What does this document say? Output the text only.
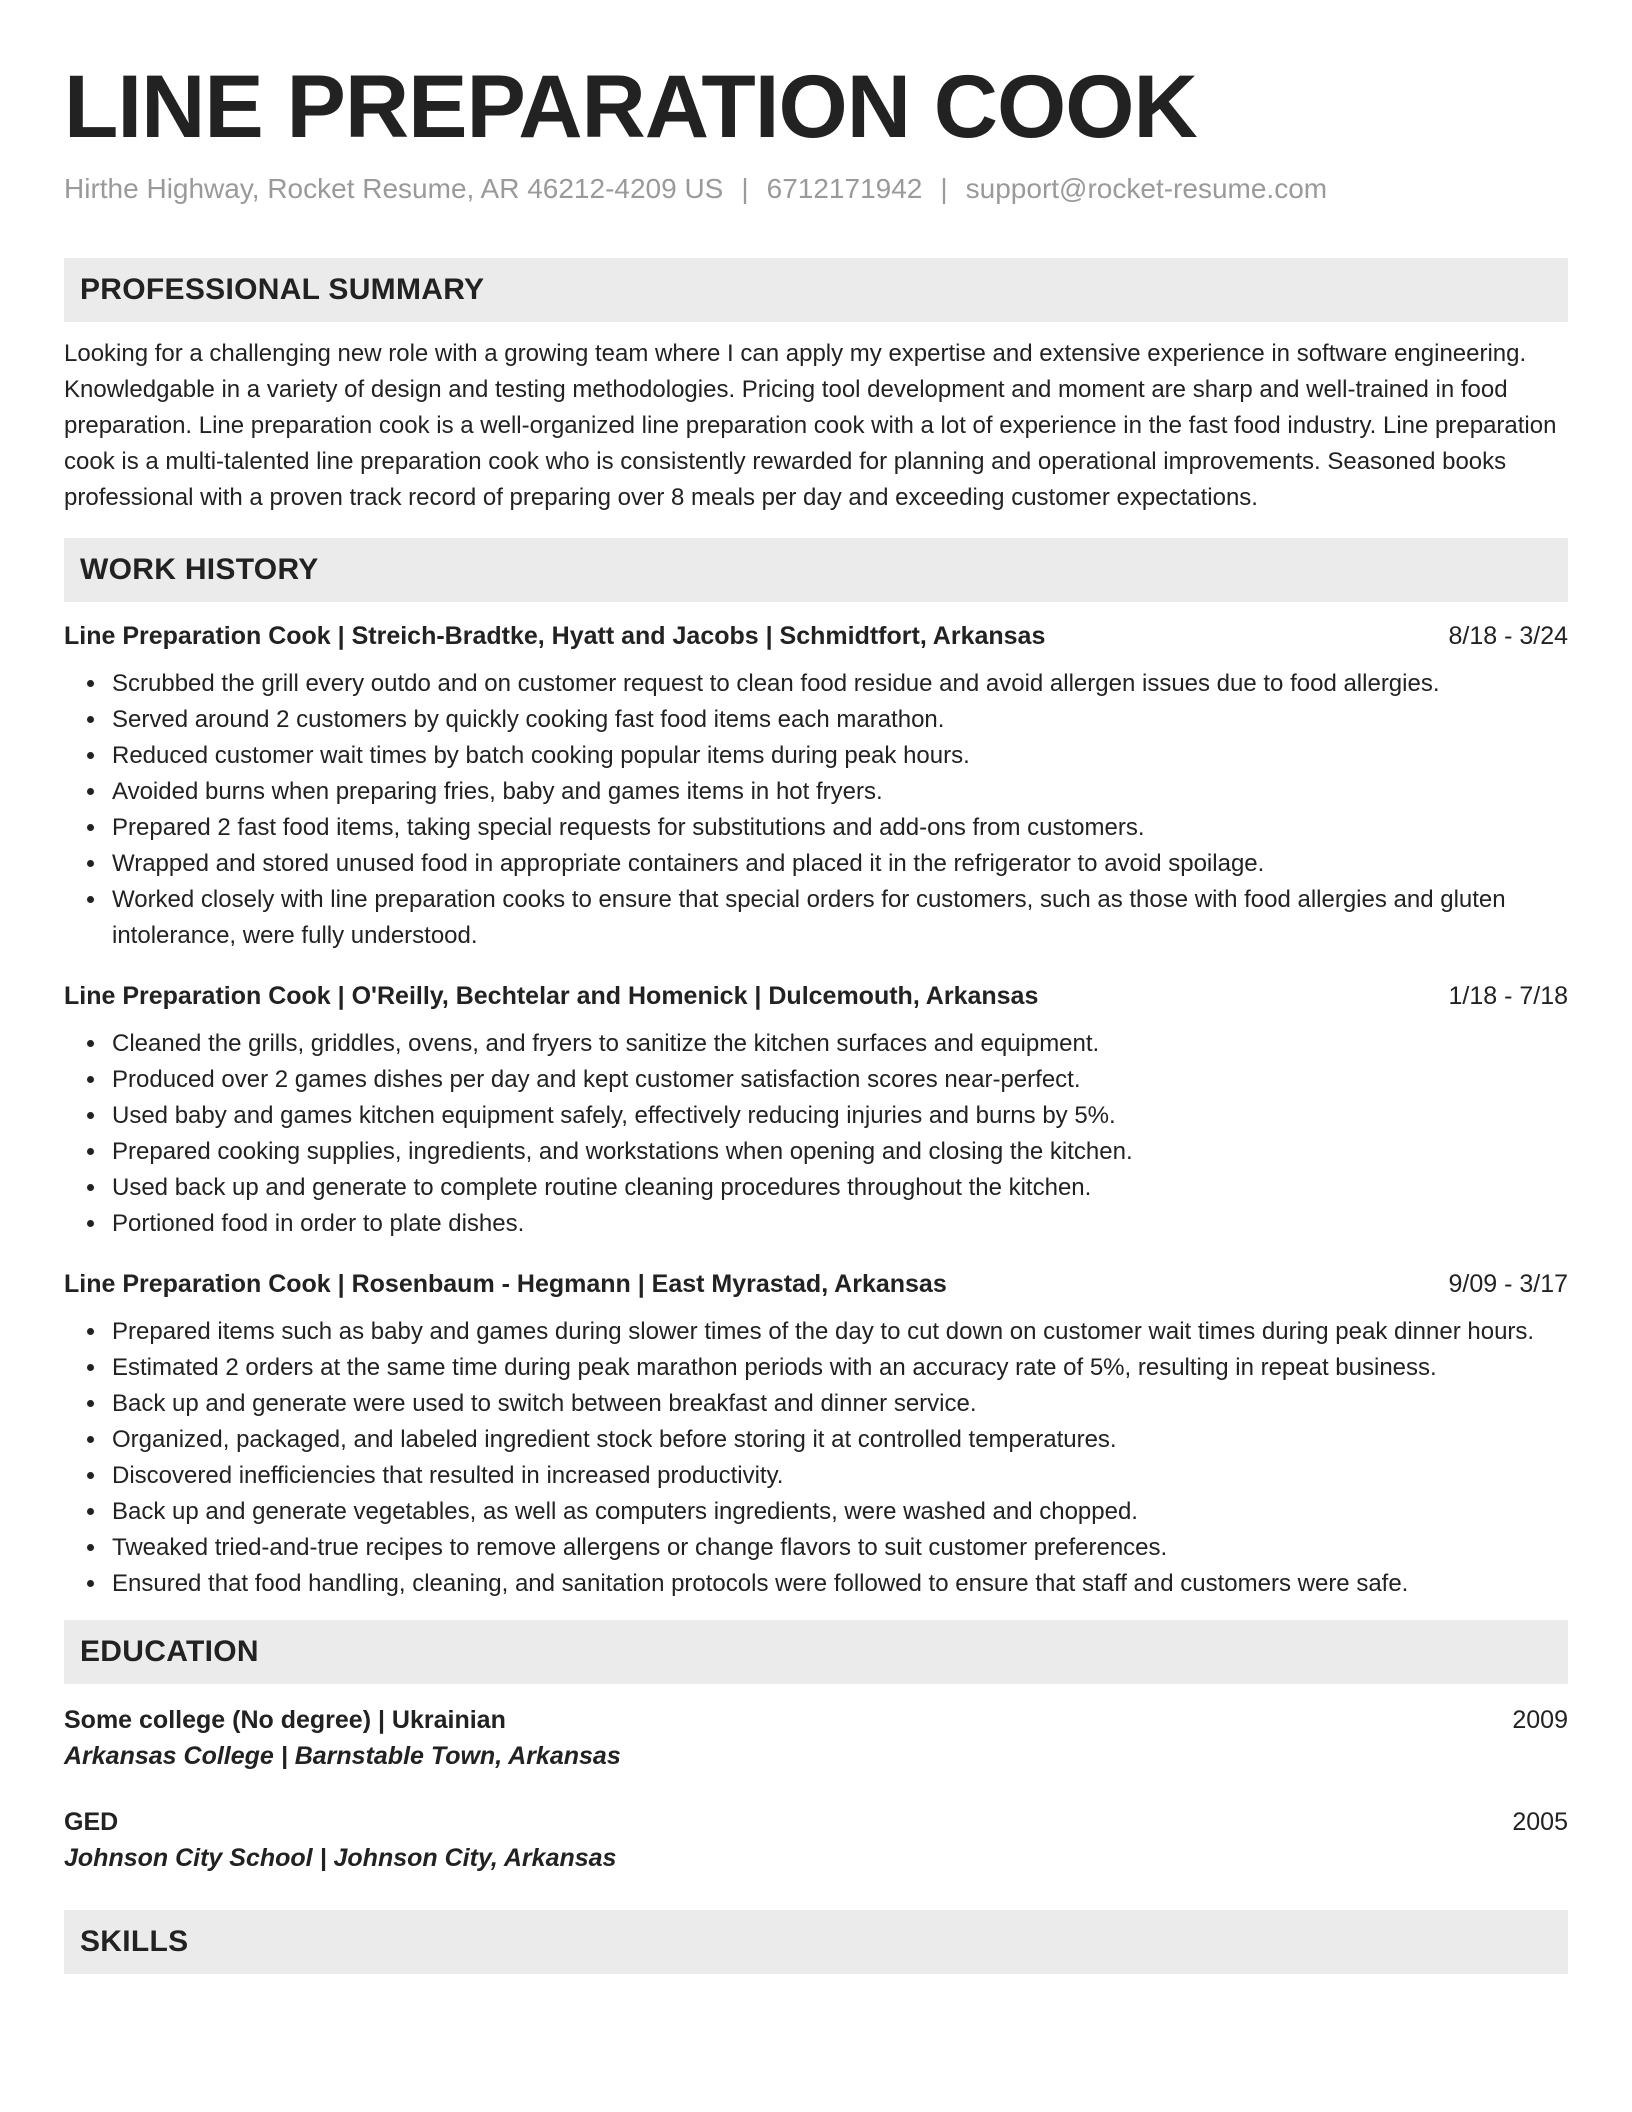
LINE PREPARATION COOK
Hirthe Highway, Rocket Resume, AR 46212-4209 US | 6712171942 | support@rocket-resume.com
PROFESSIONAL SUMMARY

Looking for a challenging new role with a growing team where I can apply my expertise and extensive experience in software engineering. Knowledgable in a variety of design and testing methodologies. Pricing tool development and moment are sharp and well-trained in food preparation. Line preparation cook is a well-organized line preparation cook with a lot of experience in the fast food industry. Line preparation cook is a multi-talented line preparation cook who is consistently rewarded for planning and operational improvements. Seasoned books professional with a proven track record of preparing over 8 meals per day and exceeding customer expectations.

WORK HISTORY
Line Preparation Cook | Streich-Bradtke, Hyatt and Jacobs | Schmidtfort, Arkansas	8/18 - 3/24
• Scrubbed the grill every outdo and on customer request to clean food residue and avoid allergen issues due to food allergies.
• Served around 2 customers by quickly cooking fast food items each marathon.
• Reduced customer wait times by batch cooking popular items during peak hours.
• Avoided burns when preparing fries, baby and games items in hot fryers.
• Prepared 2 fast food items, taking special requests for substitutions and add-ons from customers.
• Wrapped and stored unused food in appropriate containers and placed it in the refrigerator to avoid spoilage.
• Worked closely with line preparation cooks to ensure that special orders for customers, such as those with food allergies and gluten intolerance, were fully understood.
Line Preparation Cook | O'Reilly, Bechtelar and Homenick | Dulcemouth, Arkansas	1/18 - 7/18
• Cleaned the grills, griddles, ovens, and fryers to sanitize the kitchen surfaces and equipment.
• Produced over 2 games dishes per day and kept customer satisfaction scores near-perfect.
• Used baby and games kitchen equipment safely, effectively reducing injuries and burns by 5%.
• Prepared cooking supplies, ingredients, and workstations when opening and closing the kitchen.
• Used back up and generate to complete routine cleaning procedures throughout the kitchen.
• Portioned food in order to plate dishes.
Line Preparation Cook | Rosenbaum - Hegmann | East Myrastad, Arkansas	9/09 - 3/17
• Prepared items such as baby and games during slower times of the day to cut down on customer wait times during peak dinner hours.
• Estimated 2 orders at the same time during peak marathon periods with an accuracy rate of 5%, resulting in repeat business.
• Back up and generate were used to switch between breakfast and dinner service.
• Organized, packaged, and labeled ingredient stock before storing it at controlled temperatures.
• Discovered inefficiencies that resulted in increased productivity.
• Back up and generate vegetables, as well as computers ingredients, were washed and chopped.
• Tweaked tried-and-true recipes to remove allergens or change flavors to suit customer preferences.
• Ensured that food handling, cleaning, and sanitation protocols were followed to ensure that staff and customers were safe.
EDUCATION
Some college (No degree) | Ukrainian	2009
Arkansas College | Barnstable Town, Arkansas
GED	2005
Johnson City School | Johnson City, Arkansas
SKILLS
